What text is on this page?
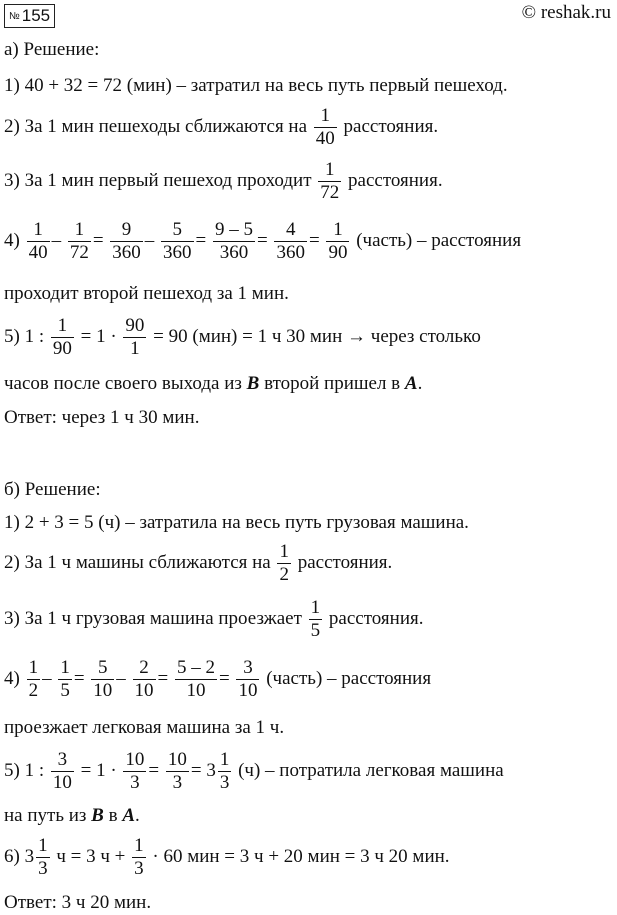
№ 155	© reshak.ru
а) Решение:
1) 40 + 32 = 72 (мин) – затратил на весь путь первый пешеход.
2) За 1 мин пешеходы сближаются на $\frac{1}{40}$ расстояния.
3) За 1 мин первый пешеход проходит $\frac{1}{72}$ расстояния.
$4) \frac{1}{40} - \frac{1}{72} = \frac{9}{360} - \frac{5}{360} = \frac{9 - 5}{360} = \frac{4}{360} = \frac{1}{90}$ (часть) – расстояния
проходит второй пешеход за 1 мин.
5) 1 : $\frac{1}{90} = 1 \cdot \frac{90}{1} = 90$ (мин) = 1 ч 30 мин → через столько
часов после своего выхода из B второй пришел в A.
Ответ: через 1 ч 30 мин.
б) Решение:
1) 2 + 3 = 5 (ч) – затратила на весь путь грузовая машина.
2) За 1 ч машины сближаются на $\frac{1}{2}$ расстояния.
3) За 1 ч грузовая машина проезжает $\frac{1}{5}$ расстояния.
$4) \frac{1}{2} - \frac{1}{5} = \frac{5}{10} - \frac{2}{10} = \frac{5 - 2}{10} = \frac{3}{10}$ (часть) – расстояния
проезжает легковая машина за 1 ч.
5) 1 : $\frac{3}{10} = 1 \cdot \frac{10}{3} = \frac{10}{3} = 3 \frac{1}{3} (ч)$ – потратила легковая машина
на путь из B в A.
6) $3 \frac{1}{3}$ ч = 3 $ч + \frac{1}{3} \cdot 60$ мин = 3 ч + 20 мин = 3 ч 20 мин.
Ответ: 3 ч 20 мин.
